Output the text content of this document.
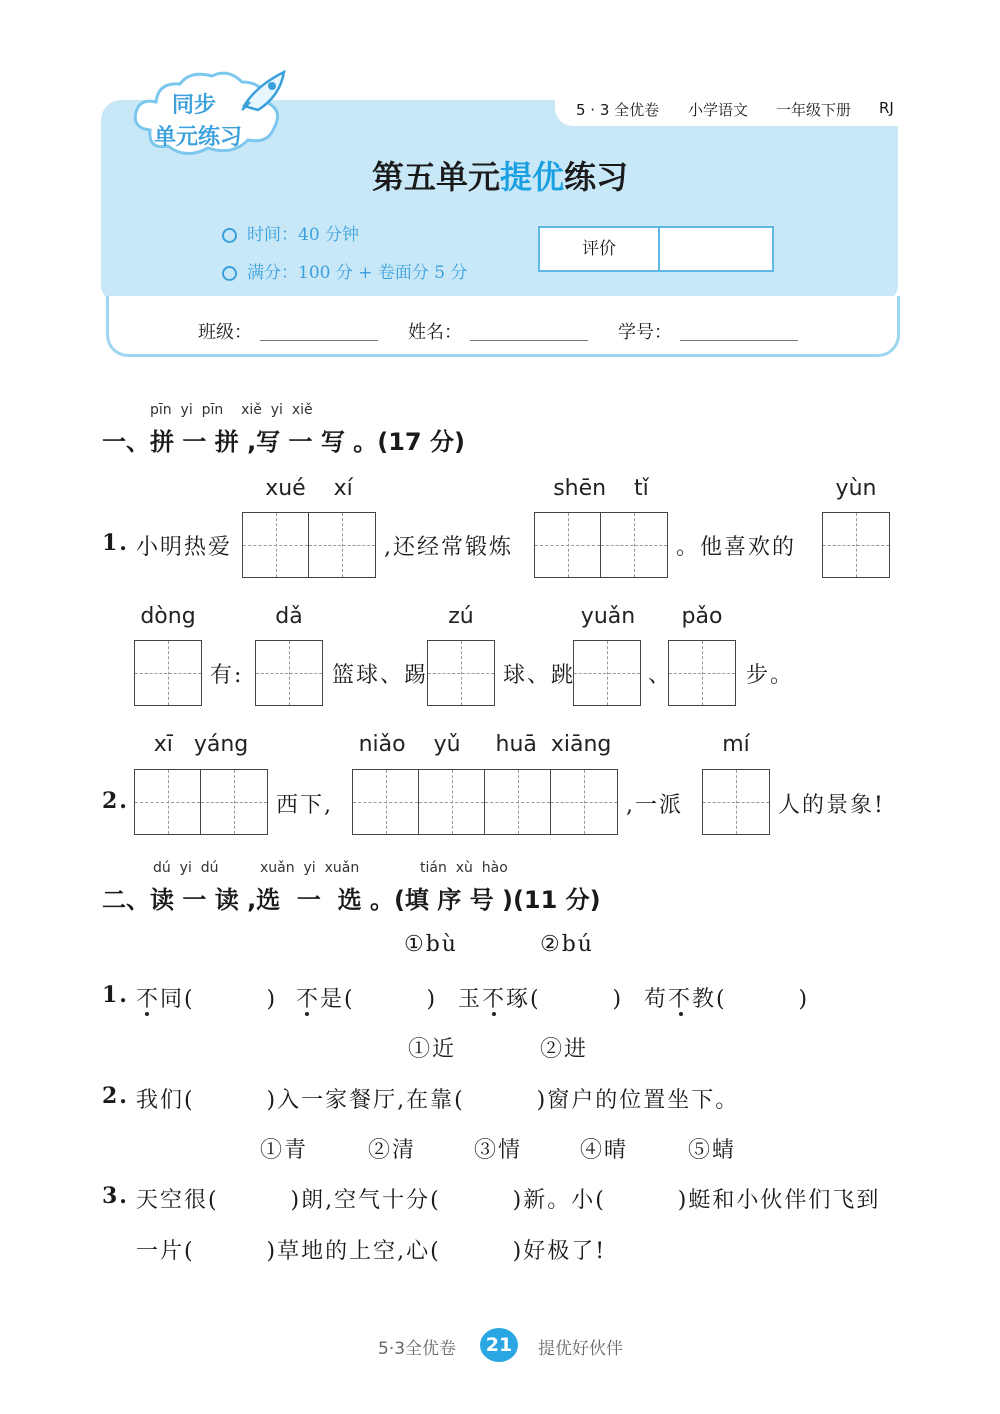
同步
单元练习
5 · 3 全优卷 小学语文 一年级下册 RJ
第五单元提优练习
时间：40 分钟
满分：100 分 + 卷面分 5 分
评价
班级：	姓名：	学号：
pīn  yi  pīn    xiě  yi  xiě
一、拼 一 拼 ,写 一 写 。(17 分)
xué    xí	shēn    tǐ	yùn
1. 小明热爱	,还经常锻炼	。他喜欢的
dòng	dǎ	zú	yuǎn	pǎo
有:	篮球、踢	球、跳	、	步。
xī   yáng	niǎo    yǔ     huā  xiāng	mí
2.	西下,	,一派	人的景象!
dú  yi  dú	xuǎn  yi  xuǎn	tián  xù  hào
二、读 一 读 ,选  一  选 。(填 序 号 )(11 分)
①bù	②bú
1. 不同(        ) 不是(        ) 玉不琢(        ) 苟不教(        )
①近	②进
2. 我们(        )入一家餐厅,在靠(        )窗户的位置坐下。
①青	②清	③情	④晴	⑤蜻
3. 天空很(        )朗,空气十分(        )新。小(        )蜓和小伙伴们飞到
一片(        )草地的上空,心(        )好极了!
5·3全优卷	21	提优好伙伴
